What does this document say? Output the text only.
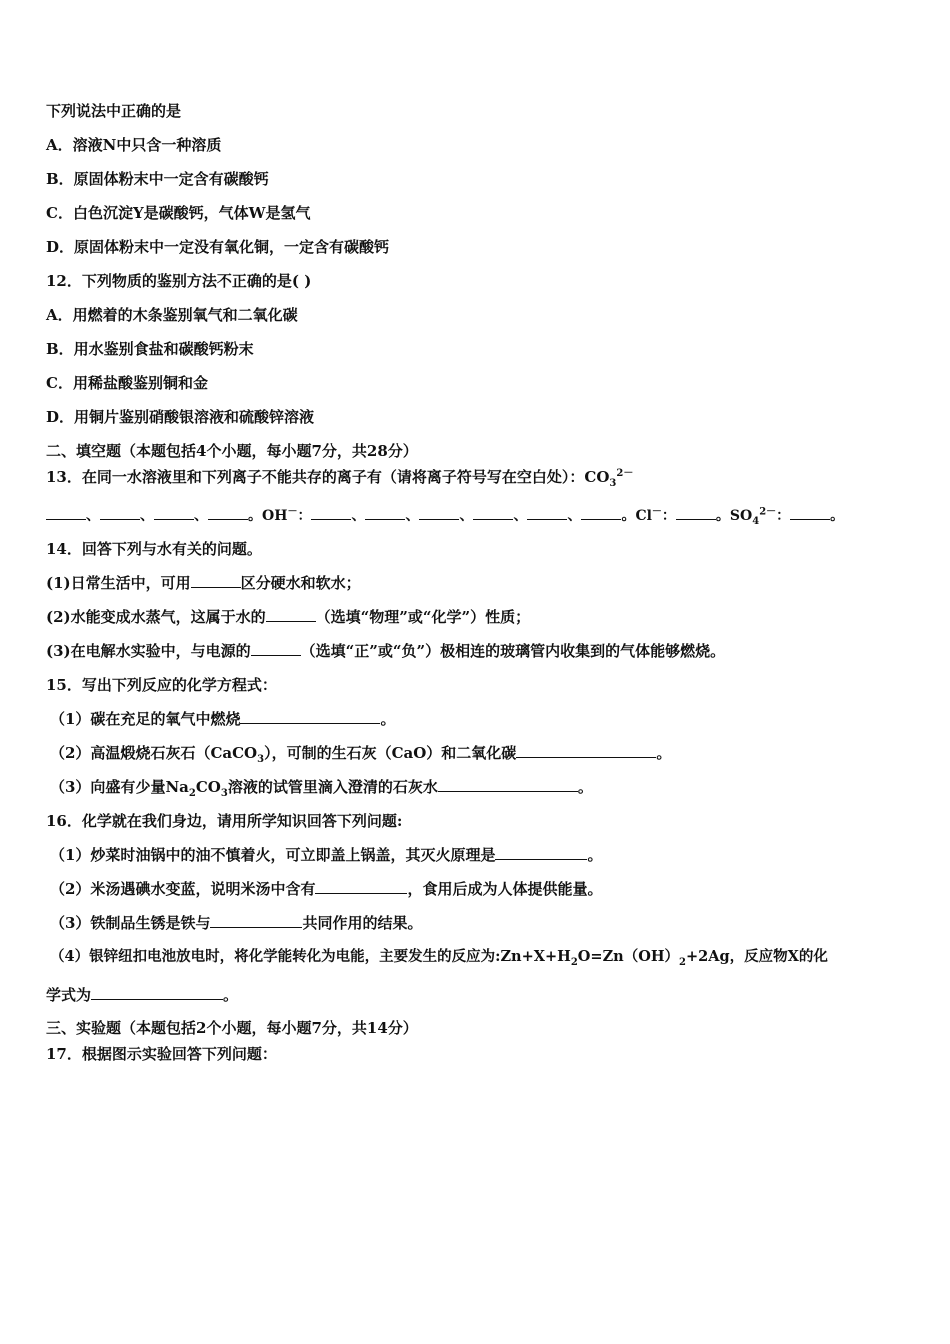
下列说法中正确的是
A．溶液N中只含一种溶质
B．原固体粉末中一定含有碳酸钙
C．白色沉淀Y是碳酸钙，气体W是氢气
D．原固体粉末中一定没有氧化铜，一定含有碳酸钙
12．下列物质的鉴别方法不正确的是( )
A．用燃着的木条鉴别氧气和二氧化碳
B．用水鉴别食盐和碳酸钙粉末
C．用稀盐酸鉴别铜和金
D．用铜片鉴别硝酸银溶液和硫酸锌溶液
二、填空题（本题包括4个小题，每小题7分，共28分）
13．在同一水溶液里和下列离子不能共存的离子有（请将离子符号写在空白处）：$CO_3^{2-}$
、	、	、	。OH－：	、	、	、	、	、	。Cl－：	。$SO_4^{2-}$：	。
14．回答下列与水有关的问题。
(1)日常生活中，可用	区分硬水和软水；
(2)水能变成水蒸气，这属于水的	（选填“物理”或“化学”）性质；
(3)在电解水实验中，与电源的	（选填“正”或“负”）极相连的玻璃管内收集到的气体能够燃烧。
15．写出下列反应的化学方程式：
（1）碳在充足的氧气中燃烧	。
（2）高温煅烧石灰石（CaCO$_3$），可制的生石灰（CaO）和二氧化碳	。
（3）向盛有少量$Na_2CO_3$溶液的试管里滴入澄清的石灰水	。
16．化学就在我们身边，请用所学知识回答下列问题:
（1）炒菜时油锅中的油不慎着火，可立即盖上锅盖，其灭火原理是	。
（2）米汤遇碘水变蓝，说明米汤中含有	，食用后成为人体提供能量。
（3）铁制品生锈是铁与	共同作用的结果。
（4）银锌纽扣电池放电时，将化学能转化为电能，主要发生的反应为$:Zn+X+H_2O=Zn(OH)_2+2Ag$，反应物X的化
学式为	。
三、实验题（本题包括2个小题，每小题7分，共14分）
17．根据图示实验回答下列问题：
